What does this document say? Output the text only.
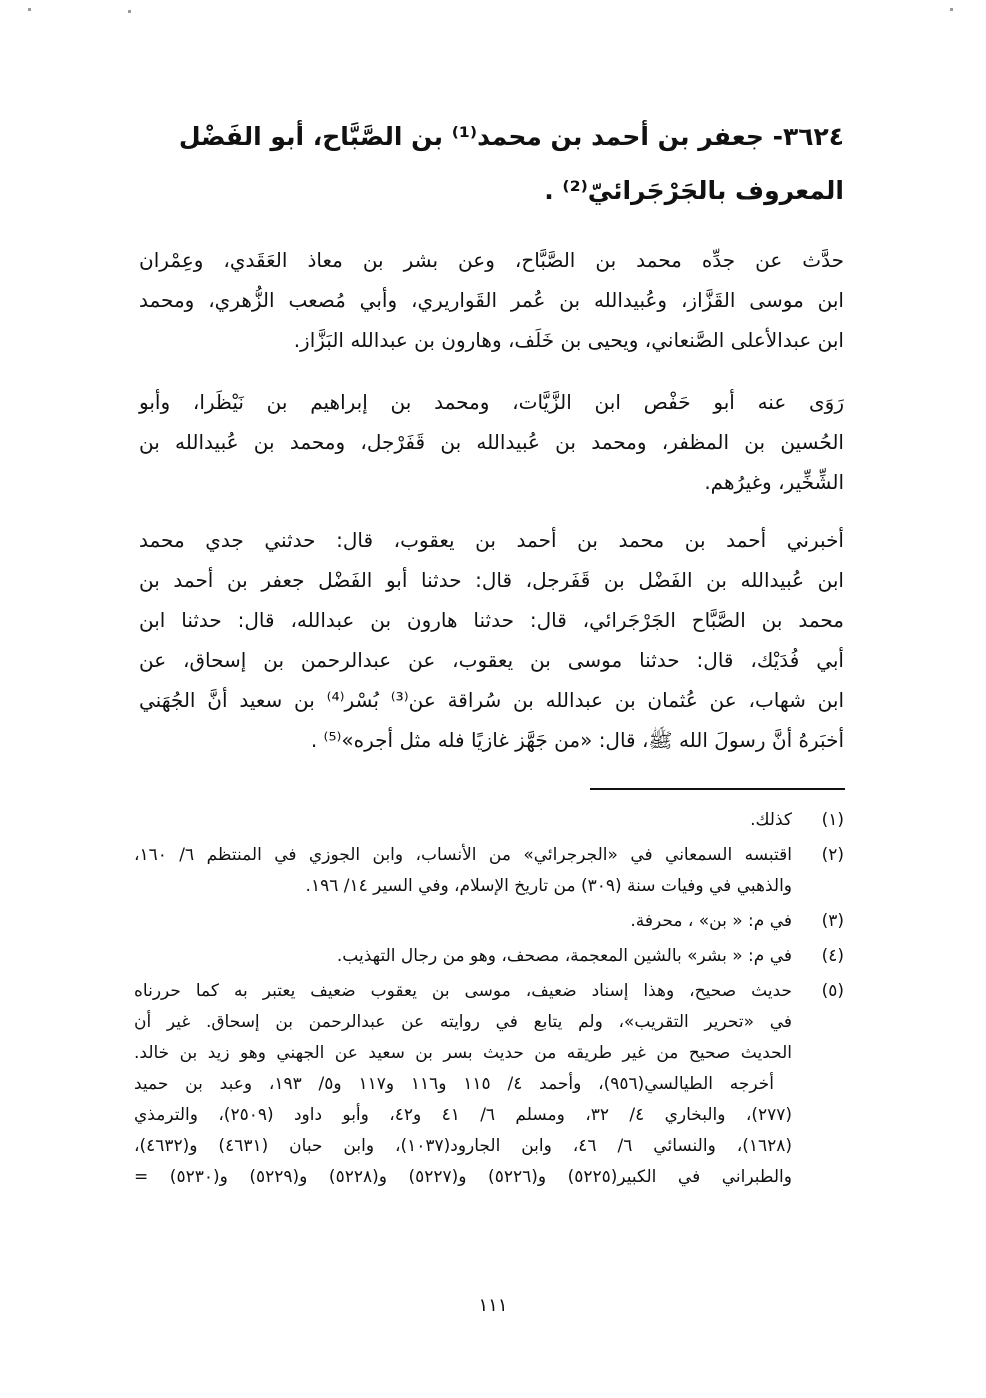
٣٦٢٤- جعفر بن أحمد بن محمد⁽¹⁾ بن الصَّبَّاح، أبو الفَضْل

المعروف بالجَرْجَرائيّ⁽²⁾ .

حدَّث عن جدِّه محمد بن الصَّبَّاح، وعن بشر بن معاذ العَقَدي، وعِمْران
ابن موسى القَزَّاز، وعُبيدالله بن عُمر القَواريري، وأبي مُصعب الزُّهري، ومحمد
ابن عبدالأعلى الصَّنعاني، ويحيى بن خَلَف، وهارون بن عبدالله البَزَّاز.

رَوَى عنه أبو حَفْص ابن الزَّيَّات، ومحمد بن إبراهيم بن نَيْظَرا، وأبو
الحُسين بن المظفر، ومحمد بن عُبيدالله بن قَفَرْجل، ومحمد بن عُبيدالله بن
الشِّخِّير، وغيرُهم.

أخبرني أحمد بن محمد بن أحمد بن يعقوب، قال: حدثني جدي محمد
ابن عُبيدالله بن الفَضْل بن قَفَرجل، قال: حدثنا أبو الفَضْل جعفر بن أحمد بن
محمد بن الصَّبَّاح الجَرْجَرائي، قال: حدثنا هارون بن عبدالله، قال: حدثنا ابن
أبي فُدَيْك، قال: حدثنا موسى بن يعقوب، عن عبدالرحمن بن إسحاق، عن
ابن شهاب، عن عُثمان بن عبدالله بن سُراقة عن⁽³⁾ بُسْر⁽⁴⁾ بن سعيد أنَّ الجُهَني
أخبَرهُ أنَّ رسولَ الله ﷺ، قال: «من جَهَّز غازيًا فله مثل أجره»⁽⁵⁾ .

(١)
كذلك.
(٢)
اقتبسه السمعاني في «الجرجرائي» من الأنساب، وابن الجوزي في المنتظم ٦/ ١٦٠،
والذهبي في وفيات سنة (٣٠٩) من تاريخ الإسلام، وفي السير ١٤/ ١٩٦.
(٣)
في م: « بن» ، محرفة.
(٤)
في م: « بشر» بالشين المعجمة، مصحف، وهو من رجال التهذيب.
(٥)
حديث صحيح، وهذا إسناد ضعيف، موسى بن يعقوب ضعيف يعتبر به كما حررناه
في «تحرير التقريب»، ولم يتابع في روايته عن عبدالرحمن بن إسحاق. غير أن
الحديث صحيح من غير طريقه من حديث بسر بن سعيد عن الجهني وهو زيد بن خالد.
أخرجه الطيالسي(٩٥٦)، وأحمد ٤/ ١١٥ و١١٦ و١١٧ و٥/ ١٩٣، وعبد بن حميد
(٢٧٧)، والبخاري ٤/ ٣٢، ومسلم ٦/ ٤١ و٤٢، وأبو داود (٢٥٠٩)، والترمذي
(١٦٢٨)، والنسائي ٦/ ٤٦، وابن الجارود(١٠٣٧)، وابن حبان (٤٦٣١) و(٤٦٣٢)،
والطبراني في الكبير(٥٢٢٥) و(٥٢٢٦) و(٥٢٢٧) و(٥٢٢٨) و(٥٢٢٩) و(٥٢٣٠) =
١١١
